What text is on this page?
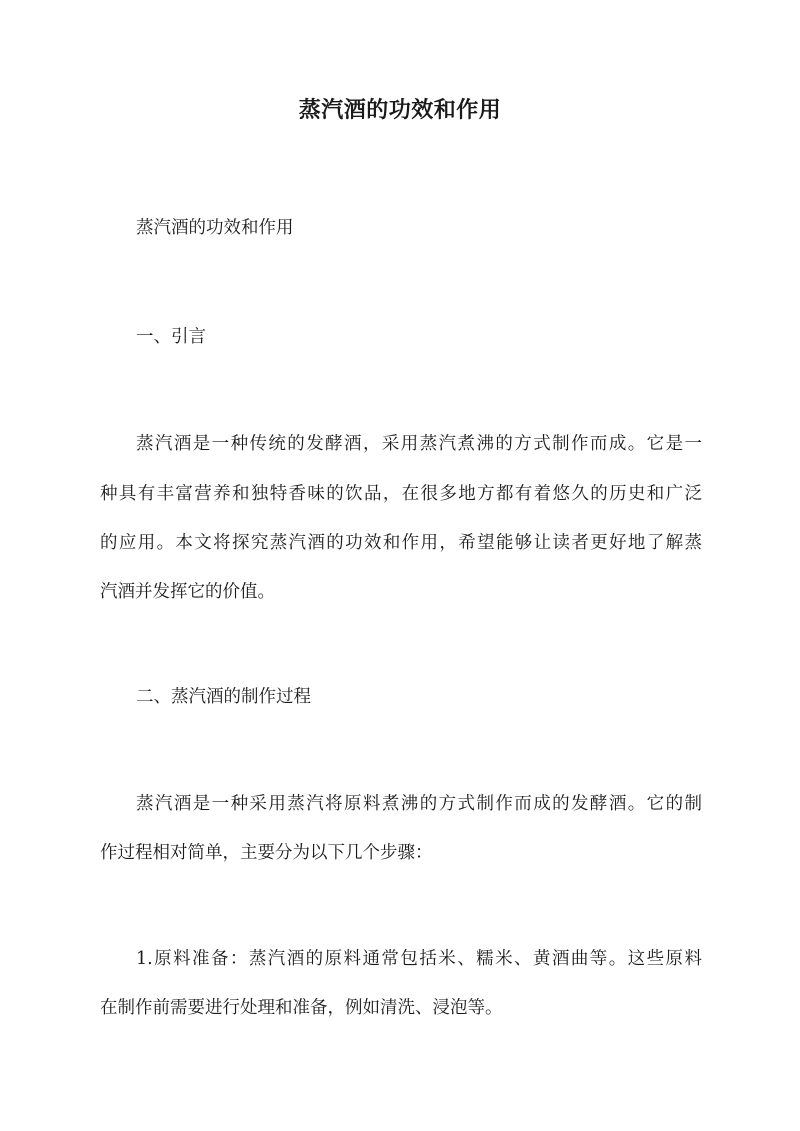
蒸汽酒的功效和作用
蒸汽酒的功效和作用
一、引言
蒸汽酒是一种传统的发酵酒，采用蒸汽煮沸的方式制作而成。它是一
种具有丰富营养和独特香味的饮品，在很多地方都有着悠久的历史和广泛
的应用。本文将探究蒸汽酒的功效和作用，希望能够让读者更好地了解蒸
汽酒并发挥它的价值。
二、蒸汽酒的制作过程
蒸汽酒是一种采用蒸汽将原料煮沸的方式制作而成的发酵酒。它的制
作过程相对简单，主要分为以下几个步骤：
1.原料准备：蒸汽酒的原料通常包括米、糯米、黄酒曲等。这些原料
在制作前需要进行处理和准备，例如清洗、浸泡等。
